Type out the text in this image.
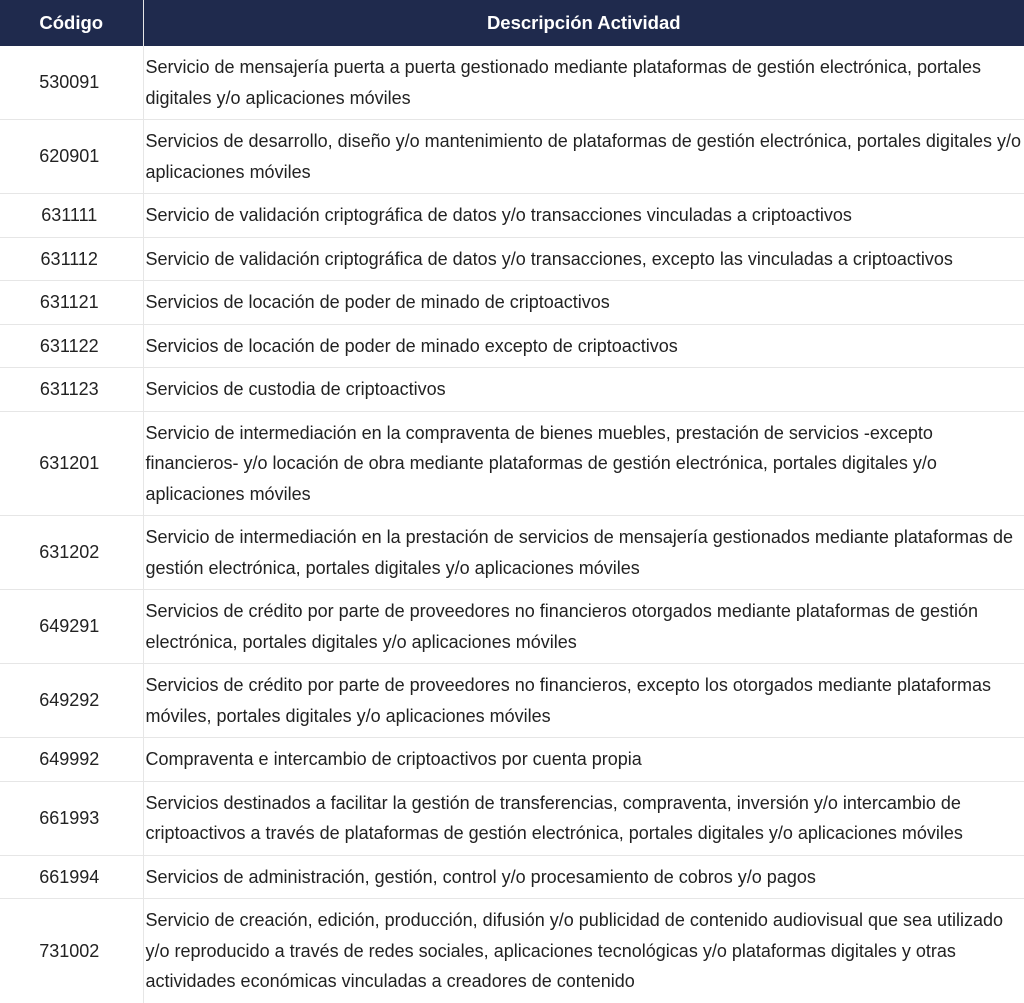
Código	Descripción Actividad
530091	Servicio de mensajería puerta a puerta gestionado mediante plataformas de gestión electrónica, portales digitales y/o aplicaciones móviles
620901	Servicios de desarrollo, diseño y/o mantenimiento de plataformas de gestión electrónica, portales digitales y/o aplicaciones móviles
631111	Servicio de validación criptográfica de datos y/o transacciones vinculadas a criptoactivos
631112	Servicio de validación criptográfica de datos y/o transacciones, excepto las vinculadas a criptoactivos
631121	Servicios de locación de poder de minado de criptoactivos
631122	Servicios de locación de poder de minado excepto de criptoactivos
631123	Servicios de custodia de criptoactivos
631201	Servicio de intermediación en la compraventa de bienes muebles, prestación de servicios -excepto financieros- y/o locación de obra mediante plataformas de gestión electrónica, portales digitales y/o aplicaciones móviles
631202	Servicio de intermediación en la prestación de servicios de mensajería gestionados mediante plataformas de gestión electrónica, portales digitales y/o aplicaciones móviles
649291	Servicios de crédito por parte de proveedores no financieros otorgados mediante plataformas de gestión electrónica, portales digitales y/o aplicaciones móviles
649292	Servicios de crédito por parte de proveedores no financieros, excepto los otorgados mediante plataformas móviles, portales digitales y/o aplicaciones móviles
649992	Compraventa e intercambio de criptoactivos por cuenta propia
661993	Servicios destinados a facilitar la gestión de transferencias, compraventa, inversión y/o intercambio de criptoactivos a través de plataformas de gestión electrónica, portales digitales y/o aplicaciones móviles
661994	Servicios de administración, gestión, control y/o procesamiento de cobros y/o pagos
731002	Servicio de creación, edición, producción, difusión y/o publicidad de contenido audiovisual que sea utilizado y/o reproducido a través de redes sociales, aplicaciones tecnológicas y/o plataformas digitales y otras actividades económicas vinculadas a creadores de contenido
